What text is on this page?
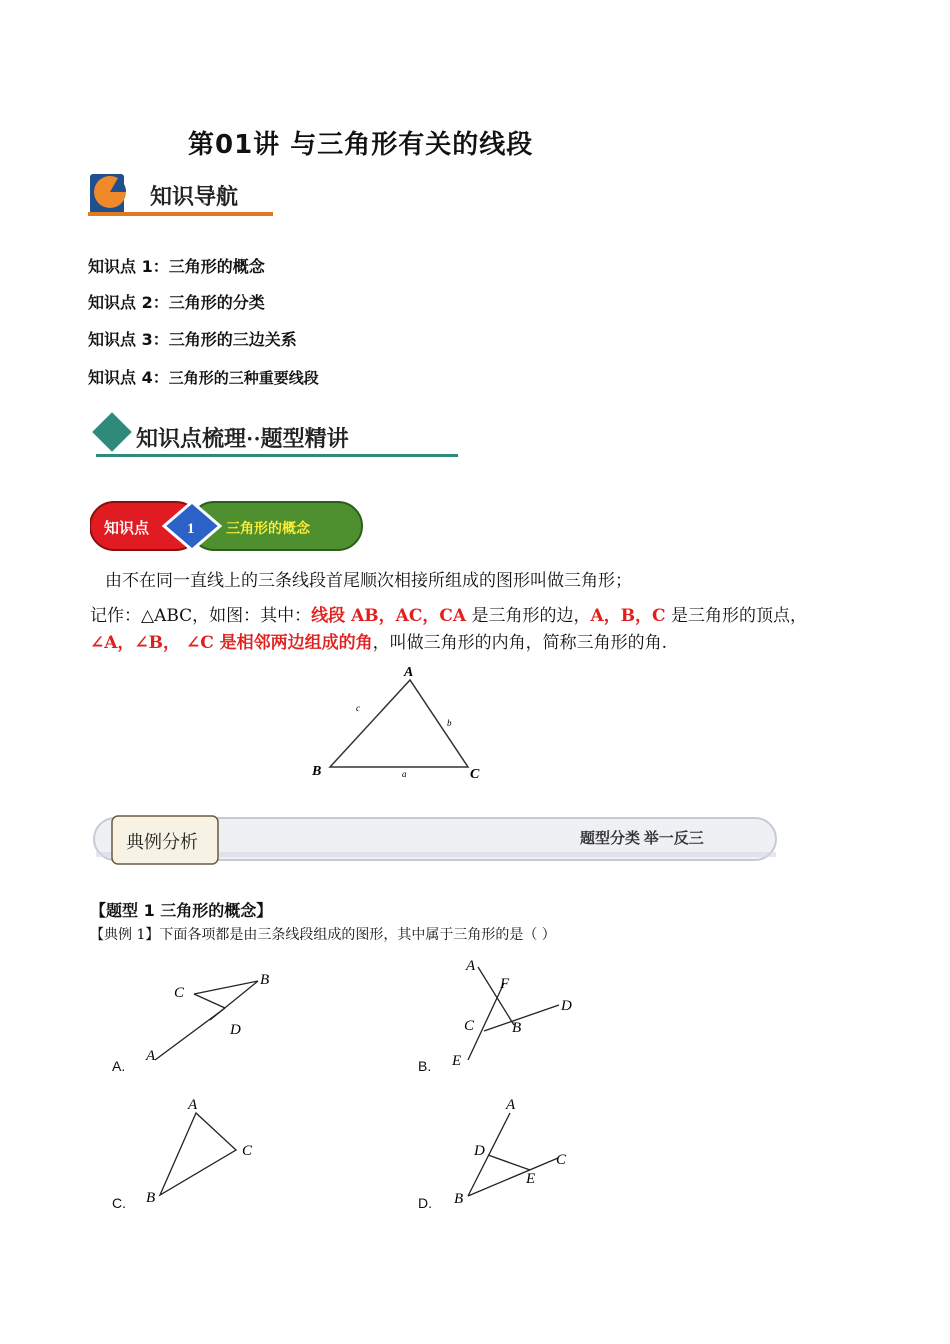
第01讲 与三角形有关的线段
知识导航
知识点 1：三角形的概念
知识点 2：三角形的分类
知识点 3：三角形的三边关系
知识点 4：三角形的三种重要线段
知识点梳理··题型精讲
知识点	1 三角形的概念
由不在同一直线上的三条线段首尾顺次相接所组成的图形叫做三角形；
记作：△ABC，如图：其中：线段 AB，AC，CA 是三角形的边，A，B，C 是三角形的顶点，
∠A，∠B， ∠C 是相邻两边组成的角，叫做三角形的内角，简称三角形的角.
A
B	C
a
b
c
典例分析	题型分类 举一反三
【题型 1 三角形的概念】
【典例 1】下面各项都是由三条线段组成的图形，其中属于三角形的是（ ）
A
B
C
D
A.
A
B
C
D
E
F
B.
A
B
C
C.
A
B
C
D
E
D.
